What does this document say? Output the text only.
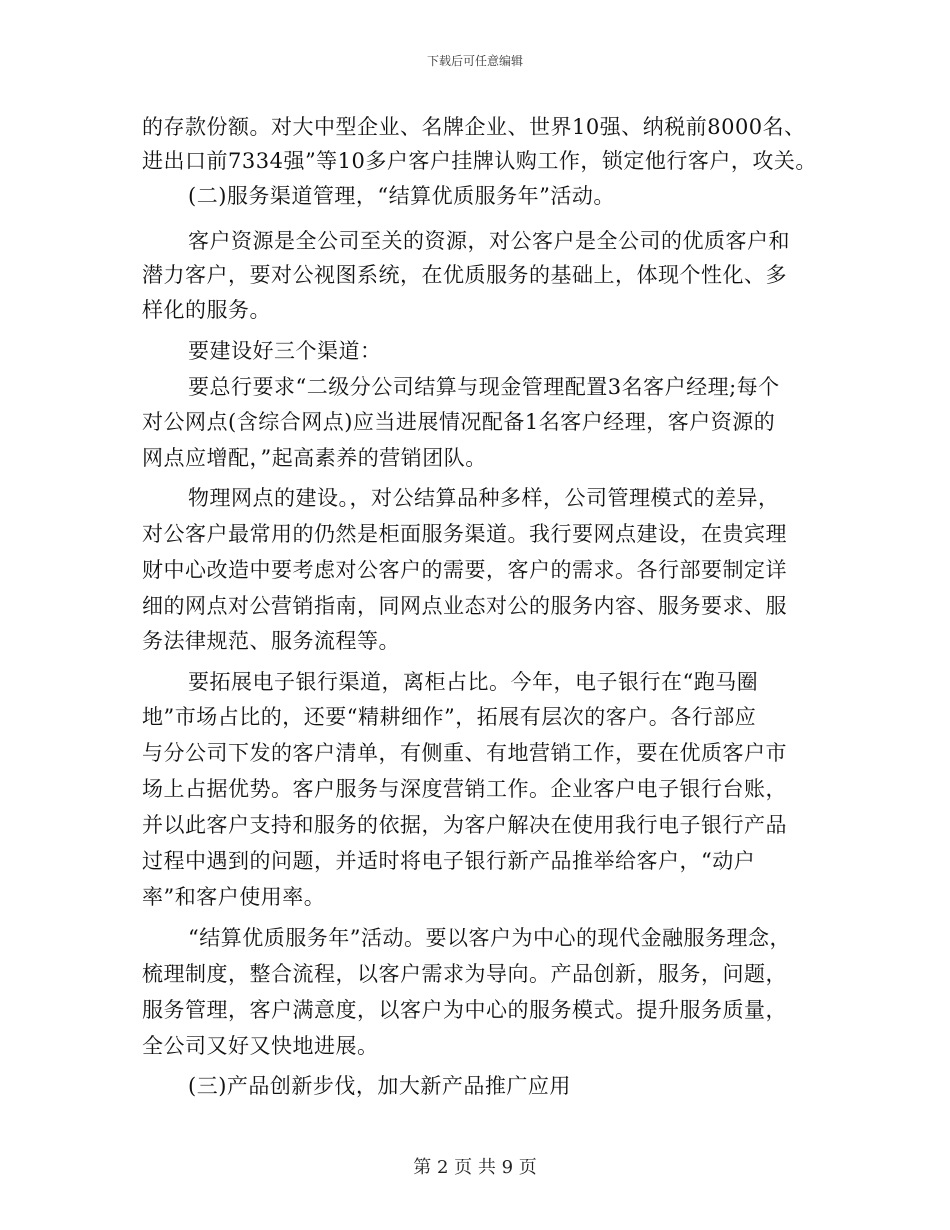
下载后可任意编辑
的存款份额。对大中型企业、名牌企业、世界10强、纳税前8000名、
进出口前7334强”等10多户客户挂牌认购工作，锁定他行客户，攻关。
(二)服务渠道管理，“结算优质服务年”活动。
客户资源是全公司至关的资源，对公客户是全公司的优质客户和
潜力客户，要对公视图系统，在优质服务的基础上，体现个性化、多
样化的服务。
要建设好三个渠道：
要总行要求“二级分公司结算与现金管理配置3名客户经理;每个
对公网点(含综合网点)应当进展情况配备1名客户经理，客户资源的
网点应增配，”起高素养的营销团队。
物理网点的建设。，对公结算品种多样，公司管理模式的差异，
对公客户最常用的仍然是柜面服务渠道。我行要网点建设，在贵宾理
财中心改造中要考虑对公客户的需要，客户的需求。各行部要制定详
细的网点对公营销指南，同网点业态对公的服务内容、服务要求、服
务法律规范、服务流程等。
要拓展电子银行渠道，离柜占比。今年，电子银行在“跑马圈
地”市场占比的，还要“精耕细作”，拓展有层次的客户。各行部应
与分公司下发的客户清单，有侧重、有地营销工作，要在优质客户市
场上占据优势。客户服务与深度营销工作。企业客户电子银行台账，
并以此客户支持和服务的依据，为客户解决在使用我行电子银行产品
过程中遇到的问题，并适时将电子银行新产品推举给客户，“动户
率”和客户使用率。
“结算优质服务年”活动。要以客户为中心的现代金融服务理念，
梳理制度，整合流程，以客户需求为导向。产品创新，服务，问题，
服务管理，客户满意度，以客户为中心的服务模式。提升服务质量，
全公司又好又快地进展。
(三)产品创新步伐，加大新产品推广应用
第 2 页 共 9 页
